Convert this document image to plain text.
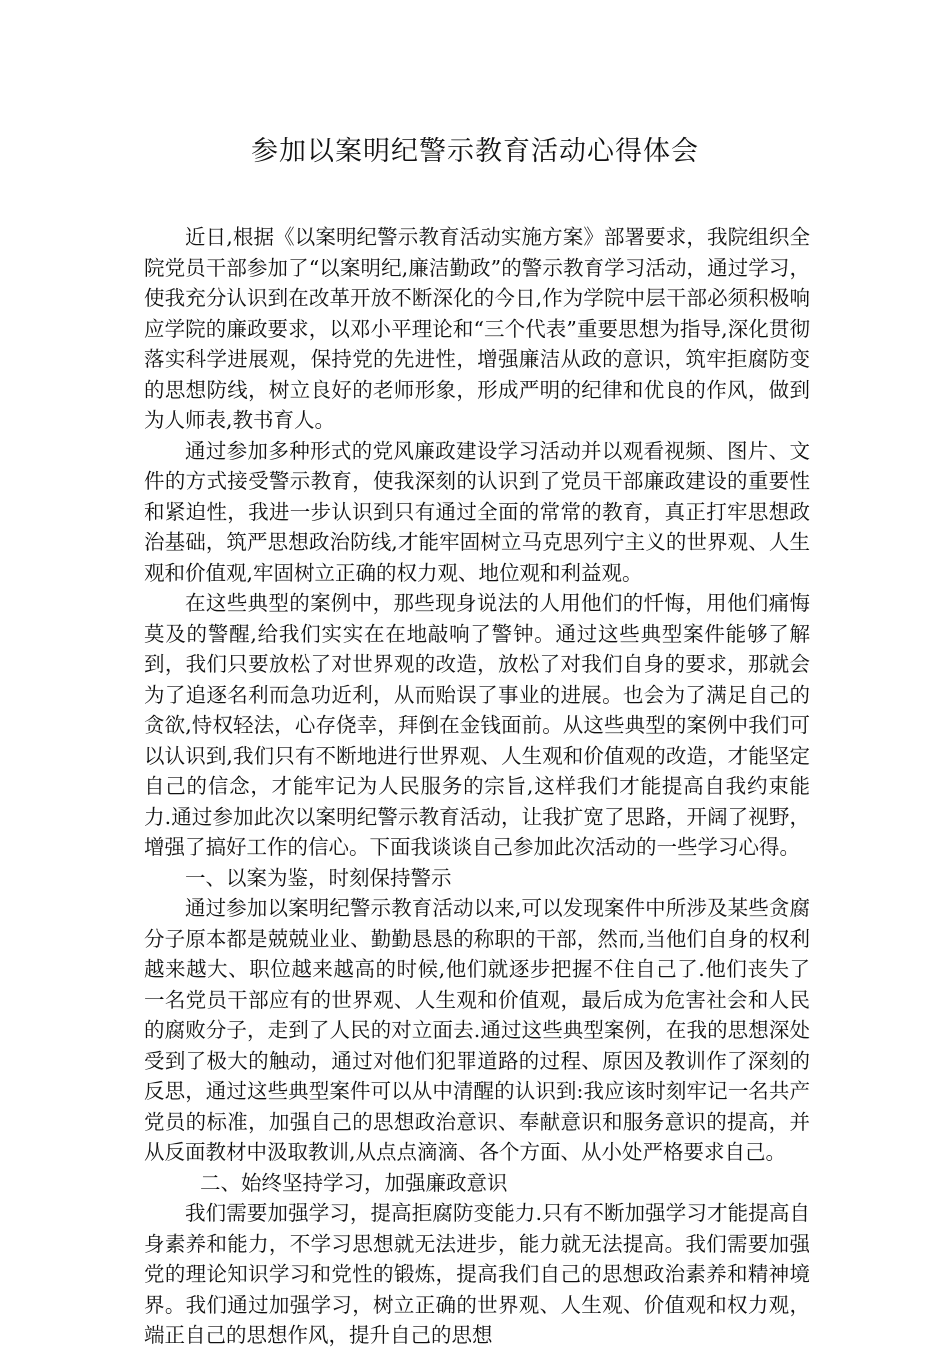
参加以案明纪警示教育活动心得体会

近日,根据《以案明纪警示教育活动实施方案》部署要求，我院组织全院党员干部参加了“以案明纪,廉洁勤政”的警示教育学习活动，通过学习，使我充分认识到在改革开放不断深化的今日,作为学院中层干部必须积极响应学院的廉政要求，以邓小平理论和“三个代表”重要思想为指导,深化贯彻落实科学进展观，保持党的先进性，增强廉洁从政的意识，筑牢拒腐防变的思想防线，树立良好的老师形象，形成严明的纪律和优良的作风，做到为人师表,教书育人。

通过参加多种形式的党风廉政建设学习活动并以观看视频、图片、文件的方式接受警示教育，使我深刻的认识到了党员干部廉政建设的重要性和紧迫性，我进一步认识到只有通过全面的常常的教育，真正打牢思想政治基础，筑严思想政治防线,才能牢固树立马克思列宁主义的世界观、人生观和价值观,牢固树立正确的权力观、地位观和利益观。

在这些典型的案例中，那些现身说法的人用他们的忏悔，用他们痛悔莫及的警醒,给我们实实在在地敲响了警钟。通过这些典型案件能够了解到，我们只要放松了对世界观的改造，放松了对我们自身的要求，那就会为了追逐名利而急功近利，从而贻误了事业的进展。也会为了满足自己的贪欲,恃权轻法，心存侥幸，拜倒在金钱面前。从这些典型的案例中我们可以认识到,我们只有不断地进行世界观、人生观和价值观的改造，才能坚定自己的信念，才能牢记为人民服务的宗旨,这样我们才能提高自我约束能力.通过参加此次以案明纪警示教育活动，让我扩宽了思路，开阔了视野，增强了搞好工作的信心。下面我谈谈自己参加此次活动的一些学习心得。

一、以案为鉴，时刻保持警示

通过参加以案明纪警示教育活动以来,可以发现案件中所涉及某些贪腐分子原本都是兢兢业业、勤勤恳恳的称职的干部，然而,当他们自身的权利越来越大、职位越来越高的时候,他们就逐步把握不住自己了.他们丧失了一名党员干部应有的世界观、人生观和价值观，最后成为危害社会和人民的腐败分子，走到了人民的对立面去.通过这些典型案例，在我的思想深处受到了极大的触动，通过对他们犯罪道路的过程、原因及教训作了深刻的反思，通过这些典型案件可以从中清醒的认识到:我应该时刻牢记一名共产党员的标准，加强自己的思想政治意识、奉献意识和服务意识的提高，并从反面教材中汲取教训,从点点滴滴、各个方面、从小处严格要求自己。

二、始终坚持学习，加强廉政意识

我们需要加强学习，提高拒腐防变能力.只有不断加强学习才能提高自身素养和能力，不学习思想就无法进步，能力就无法提高。我们需要加强党的理论知识学习和党性的锻炼，提高我们自己的思想政治素养和精神境界。我们通过加强学习，树立正确的世界观、人生观、价值观和权力观，端正自己的思想作风，提升自己的思想
